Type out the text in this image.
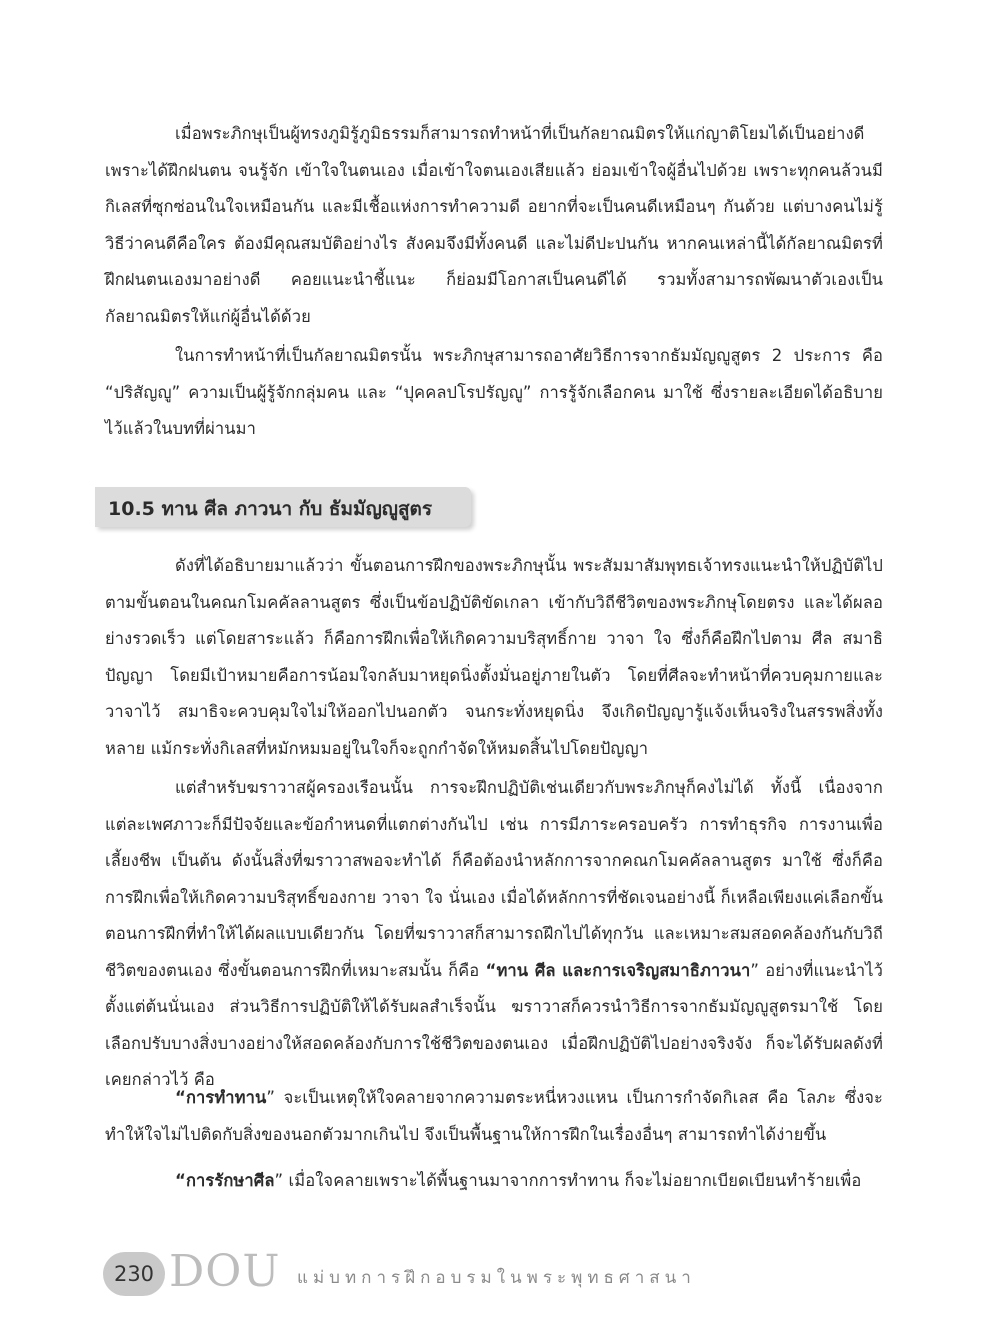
เมื่อพระภิกษุเป็นผู้ทรงภูมิรู้ภูมิธรรมก็สามารถทำหน้าที่เป็นกัลยาณมิตรให้แก่ญาติโยมได้เป็นอย่างดี เพราะได้ฝึกฝนตน จนรู้จัก เข้าใจในตนเอง เมื่อเข้าใจตนเองเสียแล้ว ย่อมเข้าใจผู้อื่นไปด้วย เพราะทุกคนล้วนมีกิเลสที่ซุกซ่อนในใจเหมือนกัน และมีเชื้อแห่งการทำความดี อยากที่จะเป็นคนดีเหมือนๆ กันด้วย แต่บางคนไม่รู้วิธีว่าคนดีคือใคร ต้องมีคุณสมบัติอย่างไร สังคมจึงมีทั้งคนดี และไม่ดีปะปนกัน หากคนเหล่านี้ได้กัลยาณมิตรที่ฝึกฝนตนเองมาอย่างดี คอยแนะนำชี้แนะ ก็ย่อมมีโอกาสเป็นคนดีได้ รวมทั้งสามารถพัฒนาตัวเองเป็นกัลยาณมิตรให้แก่ผู้อื่นได้ด้วย

ในการทำหน้าที่เป็นกัลยาณมิตรนั้น พระภิกษุสามารถอาศัยวิธีการจากธัมมัญญูสูตร 2 ประการ คือ “ปริสัญญู” ความเป็นผู้รู้จักกลุ่มคน และ “ปุคคลปโรปรัญญู” การรู้จักเลือกคน มาใช้ ซึ่งรายละเอียดได้อธิบายไว้แล้วในบทที่ผ่านมา

10.5 ทาน ศีล ภาวนา กับ ธัมมัญญูสูตร

ดังที่ได้อธิบายมาแล้วว่า ขั้นตอนการฝึกของพระภิกษุนั้น พระสัมมาสัมพุทธเจ้าทรงแนะนำให้ปฏิบัติไปตามขั้นตอนในคณกโมคคัลลานสูตร ซึ่งเป็นข้อปฏิบัติขัดเกลา เข้ากับวิถีชีวิตของพระภิกษุโดยตรง และได้ผลอย่างรวดเร็ว แต่โดยสาระแล้ว ก็คือการฝึกเพื่อให้เกิดความบริสุทธิ์กาย วาจา ใจ ซึ่งก็คือฝึกไปตาม ศีล สมาธิ ปัญญา โดยมีเป้าหมายคือการน้อมใจกลับมาหยุดนิ่งตั้งมั่นอยู่ภายในตัว โดยที่ศีลจะทำหน้าที่ควบคุมกายและวาจาไว้ สมาธิจะควบคุมใจไม่ให้ออกไปนอกตัว จนกระทั่งหยุดนิ่ง จึงเกิดปัญญารู้แจ้งเห็นจริงในสรรพสิ่งทั้งหลาย แม้กระทั่งกิเลสที่หมักหมมอยู่ในใจก็จะถูกกำจัดให้หมดสิ้นไปโดยปัญญา

แต่สำหรับฆราวาสผู้ครองเรือนนั้น การจะฝึกปฏิบัติเช่นเดียวกับพระภิกษุก็คงไม่ได้ ทั้งนี้ เนื่องจากแต่ละเพศภาวะก็มีปัจจัยและข้อกำหนดที่แตกต่างกันไป เช่น การมีภาระครอบครัว การทำธุรกิจ การงานเพื่อเลี้ยงชีพ เป็นต้น ดังนั้นสิ่งที่ฆราวาสพอจะทำได้ ก็คือต้องนำหลักการจากคณกโมคคัลลานสูตร มาใช้ ซึ่งก็คือ การฝึกเพื่อให้เกิดความบริสุทธิ์ของกาย วาจา ใจ นั่นเอง เมื่อได้หลักการที่ชัดเจนอย่างนี้ ก็เหลือเพียงแค่เลือกขั้นตอนการฝึกที่ทำให้ได้ผลแบบเดียวกัน โดยที่ฆราวาสก็สามารถฝึกไปได้ทุกวัน และเหมาะสมสอดคล้องกันกับวิถีชีวิตของตนเอง ซึ่งขั้นตอนการฝึกที่เหมาะสมนั้น ก็คือ “ทาน ศีล และการเจริญสมาธิภาวนา” อย่างที่แนะนำไว้ตั้งแต่ต้นนั่นเอง ส่วนวิธีการปฏิบัติให้ได้รับผลสำเร็จนั้น ฆราวาสก็ควรนำวิธีการจากธัมมัญญูสูตรมาใช้ โดยเลือกปรับบางสิ่งบางอย่างให้สอดคล้องกับการใช้ชีวิตของตนเอง เมื่อฝึกปฏิบัติไปอย่างจริงจัง ก็จะได้รับผลดังที่เคยกล่าวไว้ คือ

“การทำทาน” จะเป็นเหตุให้ใจคลายจากความตระหนี่หวงแหน เป็นการกำจัดกิเลส คือ โลภะ ซึ่งจะทำให้ใจไม่ไปติดกับสิ่งของนอกตัวมากเกินไป จึงเป็นพื้นฐานให้การฝึกในเรื่องอื่นๆ สามารถทำได้ง่ายขึ้น

“การรักษาศีล” เมื่อใจคลายเพราะได้พื้นฐานมาจากการทำทาน ก็จะไม่อยากเบียดเบียนทำร้ายเพื่อ

230 DOU แม่บทการฝึกอบรมในพระพุทธศาสนา
